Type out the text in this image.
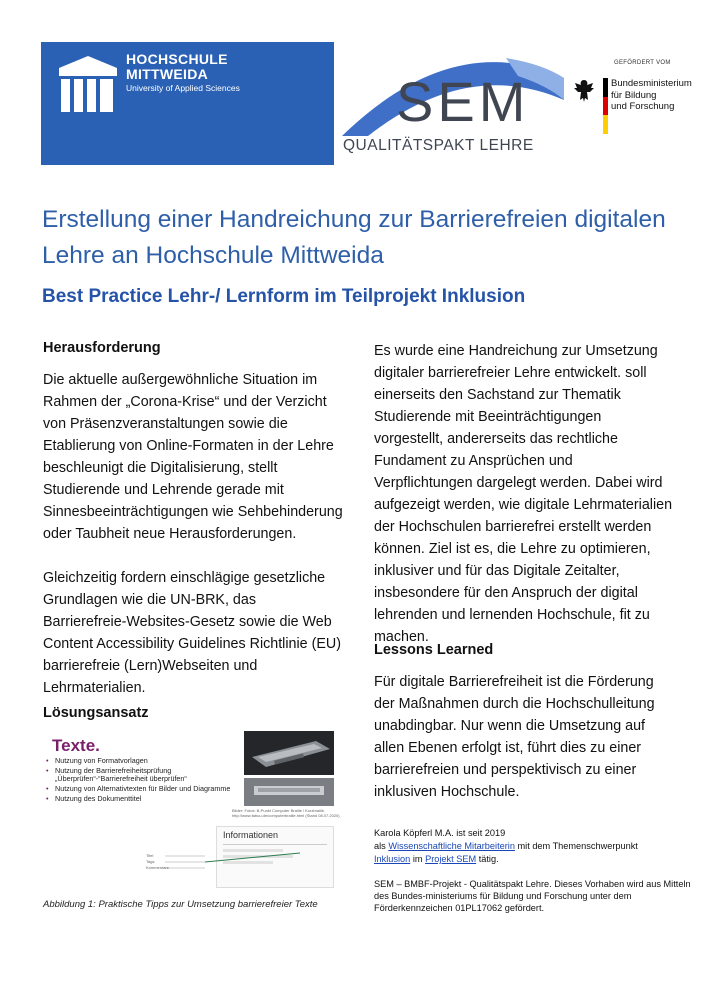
HOCHSCHULE
MITTWEIDA
University of Applied Sciences	SEM
QUALITÄTSPAKT LEHRE
GEFÖRDERT VOM
Bundesministerium
für Bildung
und Forschung
Erstellung einer Handreichung zur Barrierefreien digitalen Lehre an Hochschule Mittweida
Best Practice Lehr-/ Lernform im Teilprojekt Inklusion
Herausforderung

Die aktuelle außergewöhnliche Situation im Rahmen der „Corona-Krise“ und der Verzicht von Präsenzveranstaltungen sowie die Etablierung von Online-Formaten in der Lehre beschleunigt die Digitalisierung, stellt Studierende und Lehrende gerade mit Sinnesbeeinträchtigungen wie Sehbehinderung oder Taubheit neue Herausforderungen.

Gleichzeitig fordern einschlägige gesetzliche Grundlagen wie die UN-BRK, das Barrierefreie-Websites-Gesetz sowie die Web Content Accessibility Guidelines Richtlinie (EU) barrierefreie (Lern)Webseiten und Lehrmaterialien.

Lösungsansatz
Texte.
• Nutzung von Formatvorlagen
• Nutzung der Barrierefreiheitsprüfung „Überprüfen“-“Barrierefreiheit überprüfen“
• Nutzung von Alternativtexten für Bilder und Diagramme
• Nutzung des Dokumenttitel
Bilder: Fotos: B-Punkt Computer Braille / Kurzbraille, http://www.fabuu.de/computerbraille.html (Stand 08.07.2020)
Informationen
Titel
Tags
Kommentare
Abbildung 1: Praktische Tipps zur Umsetzung barrierefreier Texte

Es wurde eine Handreichung zur Umsetzung digitaler barrierefreier Lehre entwickelt. soll einerseits den Sachstand zur Thematik Studierende mit Beeinträchtigungen vorgestellt, andererseits das rechtliche Fundament zu Ansprüchen und Verpflichtungen dargelegt werden. Dabei wird aufgezeigt werden, wie digitale Lehrmaterialien der Hochschulen barrierefrei erstellt werden können. Ziel ist es, die Lehre zu optimieren, inklusiver und für das Digitale Zeitalter, insbesondere für den Anspruch der digital lehrenden und lernenden Hochschule, fit zu machen.

Lessons Learned

Für digitale Barrierefreiheit ist die Förderung der Maßnahmen durch die Hochschulleitung unabdingbar. Nur wenn die Umsetzung auf allen Ebenen erfolgt ist, führt dies zu einer barrierefreien und perspektivisch zu einer inklusiven Hochschule.

Karola Köpferl M.A. ist seit 2019
als Wissenschaftliche Mitarbeiterin mit dem Themenschwerpunkt
Inklusion im Projekt SEM tätig.
SEM – BMBF-Projekt - Qualitätspakt Lehre. Dieses Vorhaben wird aus Mitteln des Bundes-ministeriums für Bildung und Forschung unter dem Förderkennzeichen 01PL17062 gefördert.
